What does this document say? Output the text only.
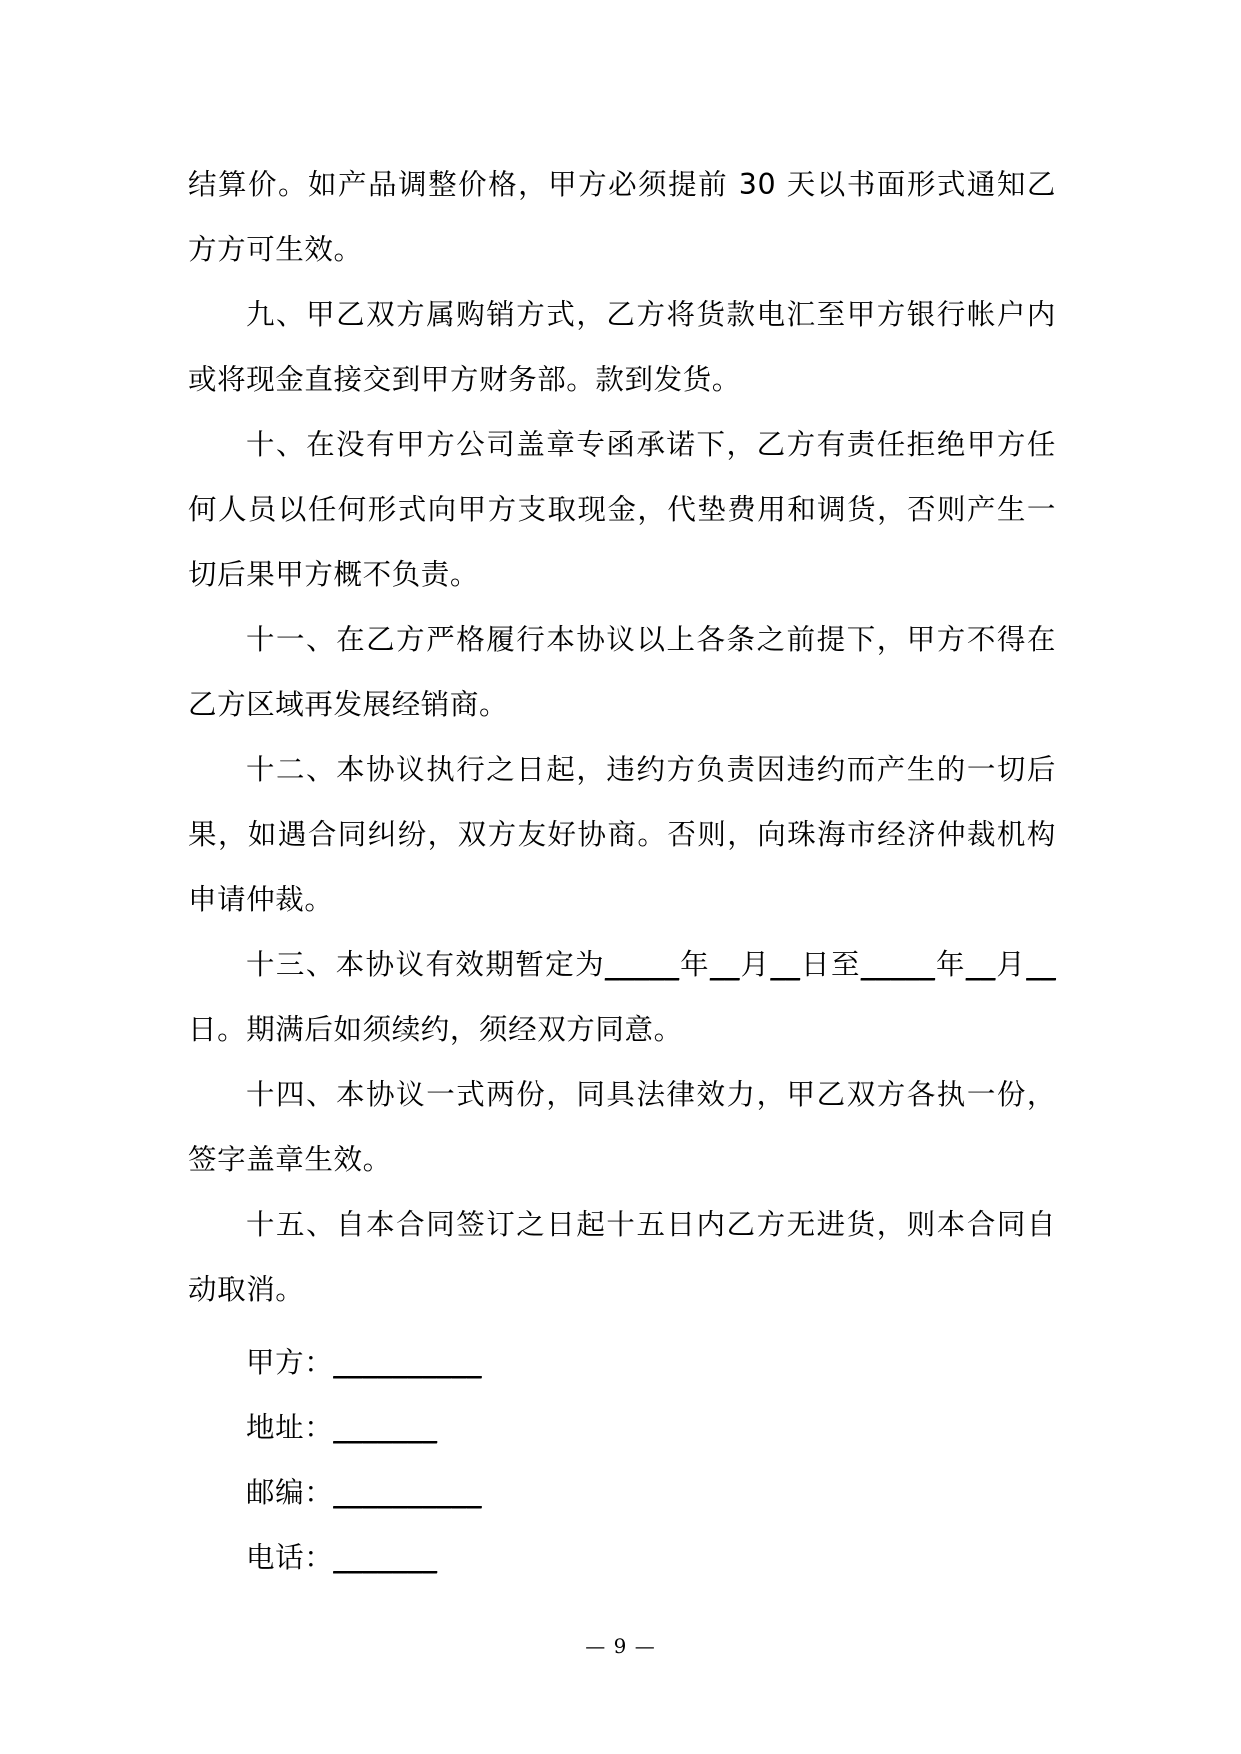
结算价。如产品调整价格，甲方必须提前 30 天以书面形式通知乙方方可生效。

九、甲乙双方属购销方式，乙方将货款电汇至甲方银行帐户内或将现金直接交到甲方财务部。款到发货。

十、在没有甲方公司盖章专函承诺下，乙方有责任拒绝甲方任何人员以任何形式向甲方支取现金，代垫费用和调货，否则产生一切后果甲方概不负责。

十一、在乙方严格履行本协议以上各条之前提下，甲方不得在乙方区域再发展经销商。

十二、本协议执行之日起，违约方负责因违约而产生的一切后果，如遇合同纠纷，双方友好协商。否则，向珠海市经济仲裁机构申请仲裁。

十三、本协议有效期暂定为_____年__月__日至_____年__月__日。期满后如须续约，须经双方同意。

十四、本协议一式两份，同具法律效力，甲乙双方各执一份，签字盖章生效。

十五、自本合同签订之日起十五日内乙方无进货，则本合同自动取消。

甲方：__________
地址：_______
邮编：__________
电话：_______
— 9 —
